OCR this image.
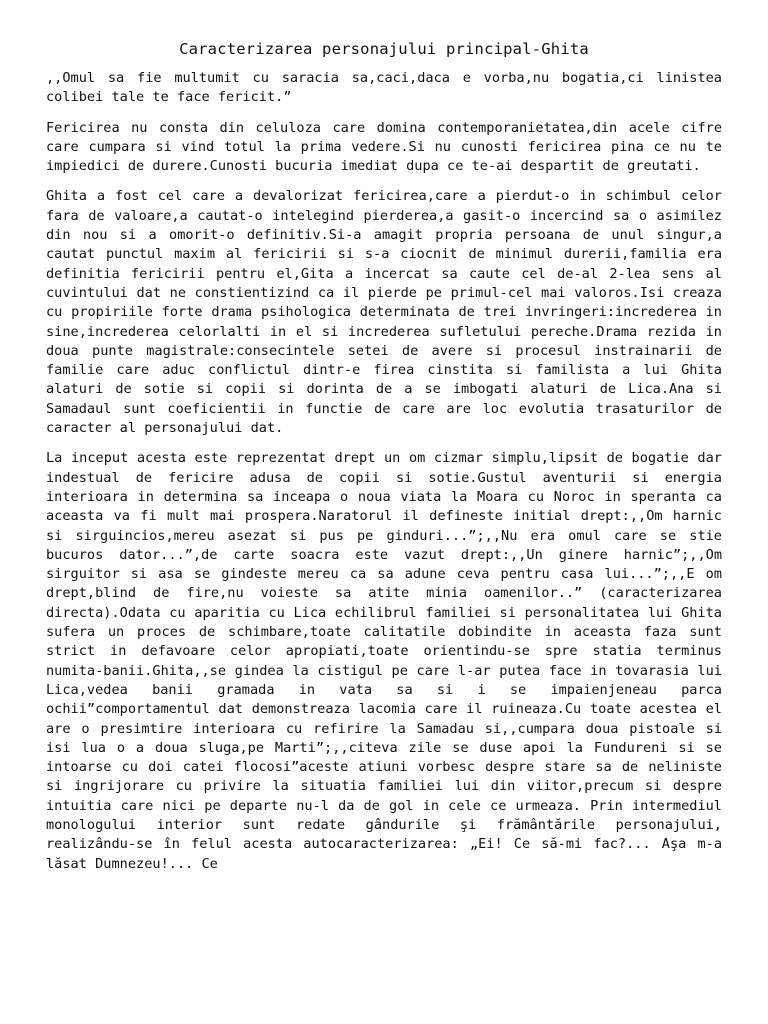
Caracterizarea personajului principal-Ghita

,,Omul sa fie multumit cu saracia sa,caci,daca e vorba,nu bogatia,ci linistea colibei tale te face fericit.”

Fericirea nu consta din celuloza care domina contemporanietatea,din acele cifre care cumpara si vind totul la prima vedere.Si nu cunosti fericirea pina ce nu te impiedici de durere.Cunosti bucuria imediat dupa ce te-ai despartit de greutati.

Ghita a fost cel care a devalorizat fericirea,care a pierdut-o in schimbul celor fara de valoare,a cautat-o intelegind pierderea,a gasit-o incercind sa o asimilez din nou si a omorit-o definitiv.Si-a amagit propria persoana de unul singur,a cautat punctul maxim al fericirii si s-a ciocnit de minimul durerii,familia era definitia fericirii pentru el,Gita a incercat sa caute cel de-al 2-lea sens al cuvintului dat ne constientizind ca il pierde pe primul-cel mai valoros.Isi creaza cu propiriile forte drama psihologica determinata de trei invringeri:increderea in sine,increderea celorlalti in el si increderea sufletului pereche.Drama rezida in doua punte magistrale:consecintele setei de avere si procesul instrainarii de familie care aduc conflictul dintr-e firea cinstita si familista a lui Ghita alaturi de sotie si copii si dorinta de a se imbogati alaturi de Lica.Ana si Samadaul sunt coeficientii in functie de care are loc evolutia trasaturilor de caracter al personajului dat.

La inceput acesta este reprezentat drept un om cizmar simplu,lipsit de bogatie dar indestual de fericire adusa de copii si sotie.Gustul aventurii si energia interioara in determina sa inceapa o noua viata la Moara cu Noroc in speranta ca aceasta va fi mult mai prospera.Naratorul il defineste initial drept:,,Om harnic si sirguincios,mereu asezat si pus pe ginduri...”;,,Nu era omul care se stie bucuros dator...”,de carte soacra este vazut drept:,,Un ginere harnic”;,,Om sirguitor si asa se gindeste mereu ca sa adune ceva pentru casa lui...”;,,E om drept,blind de fire,nu voieste sa atite minia oamenilor..” (caracterizarea directa).Odata cu aparitia cu Lica echilibrul familiei si personalitatea lui Ghita sufera un proces de schimbare,toate calitatile dobindite in aceasta faza sunt strict in defavoare celor apropiati,toate orientindu-se spre statia terminus numita-banii.Ghita,,se gindea la cistigul pe care l-ar putea face in tovarasia lui Lica,vedea banii gramada in vata sa si i se impaienjeneau parca ochii”comportamentul dat demonstreaza lacomia care il ruineaza.Cu toate acestea el are o presimtire interioara cu refirire la Samadau si,,cumpara doua pistoale si isi lua o a doua sluga,pe Marti”;,,citeva zile se duse apoi la Fundureni si se intoarse cu doi catei flocosi”aceste atiuni vorbesc despre stare sa de neliniste si ingrijorare cu privire la situatia familiei lui din viitor,precum si despre intuitia care nici pe departe nu-l da de gol in cele ce urmeaza. Prin intermediul monologului interior sunt redate gândurile şi frământările personajului, realizându-se în felul acesta autocaracterizarea: „Ei! Ce să-mi fac?... Aşa m-a lăsat Dumnezeu!... Ce
